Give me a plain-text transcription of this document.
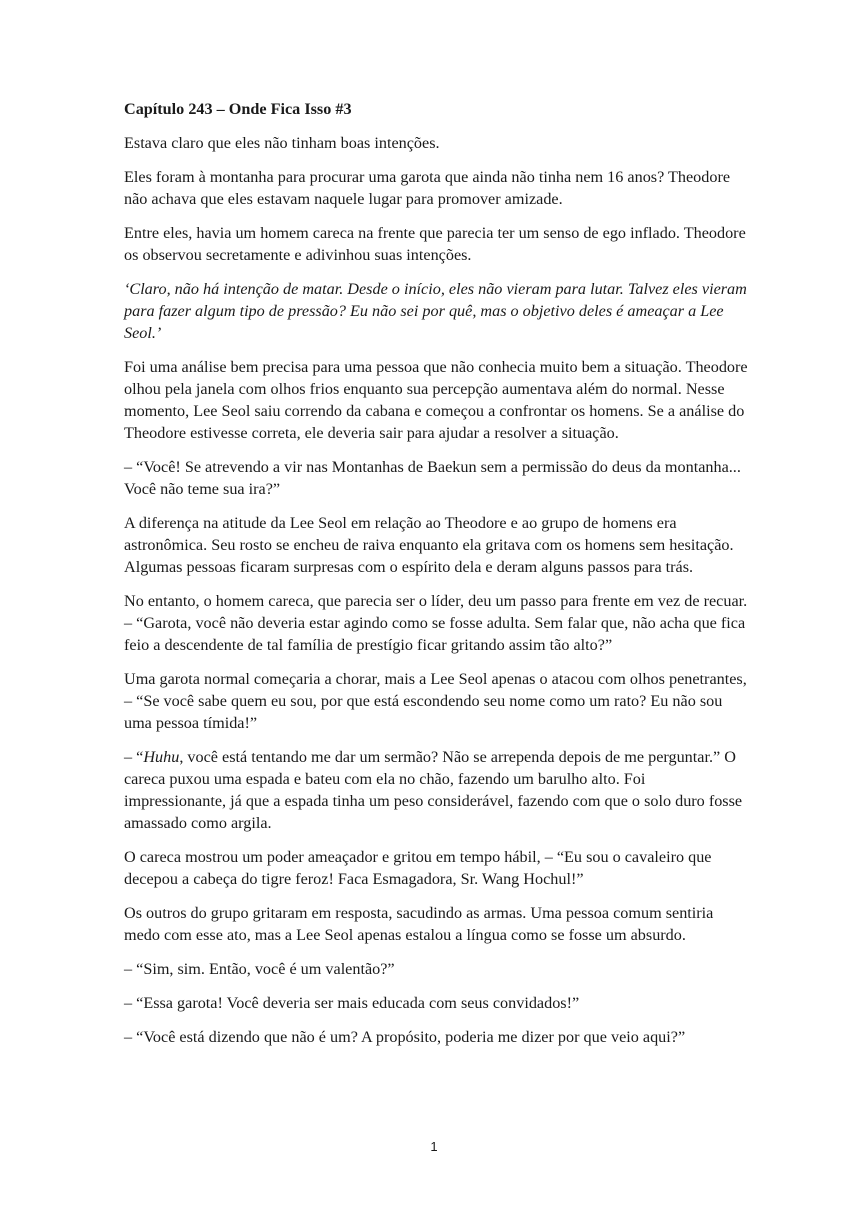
Capítulo 243 – Onde Fica Isso #3

Estava claro que eles não tinham boas intenções.

Eles foram à montanha para procurar uma garota que ainda não tinha nem 16 anos? Theodore não achava que eles estavam naquele lugar para promover amizade.

Entre eles, havia um homem careca na frente que parecia ter um senso de ego inflado. Theodore os observou secretamente e adivinhou suas intenções.

‘Claro, não há intenção de matar. Desde o início, eles não vieram para lutar. Talvez eles vieram para fazer algum tipo de pressão? Eu não sei por quê, mas o objetivo deles é ameaçar a Lee Seol.’

Foi uma análise bem precisa para uma pessoa que não conhecia muito bem a situação. Theodore olhou pela janela com olhos frios enquanto sua percepção aumentava além do normal. Nesse momento, Lee Seol saiu correndo da cabana e começou a confrontar os homens. Se a análise do Theodore estivesse correta, ele deveria sair para ajudar a resolver a situação.

– “Você! Se atrevendo a vir nas Montanhas de Baekun sem a permissão do deus da montanha... Você não teme sua ira?”

A diferença na atitude da Lee Seol em relação ao Theodore e ao grupo de homens era astronômica. Seu rosto se encheu de raiva enquanto ela gritava com os homens sem hesitação. Algumas pessoas ficaram surpresas com o espírito dela e deram alguns passos para trás.

No entanto, o homem careca, que parecia ser o líder, deu um passo para frente em vez de recuar. – “Garota, você não deveria estar agindo como se fosse adulta. Sem falar que, não acha que fica feio a descendente de tal família de prestígio ficar gritando assim tão alto?”

Uma garota normal começaria a chorar, mais a Lee Seol apenas o atacou com olhos penetrantes, – “Se você sabe quem eu sou, por que está escondendo seu nome como um rato? Eu não sou uma pessoa tímida!”

– “Huhu, você está tentando me dar um sermão? Não se arrependa depois de me perguntar.” O careca puxou uma espada e bateu com ela no chão, fazendo um barulho alto. Foi impressionante, já que a espada tinha um peso considerável, fazendo com que o solo duro fosse amassado como argila.

O careca mostrou um poder ameaçador e gritou em tempo hábil, – “Eu sou o cavaleiro que decepou a cabeça do tigre feroz! Faca Esmagadora, Sr. Wang Hochul!”

Os outros do grupo gritaram em resposta, sacudindo as armas. Uma pessoa comum sentiria medo com esse ato, mas a Lee Seol apenas estalou a língua como se fosse um absurdo.

– “Sim, sim. Então, você é um valentão?”

– “Essa garota! Você deveria ser mais educada com seus convidados!”

– “Você está dizendo que não é um? A propósito, poderia me dizer por que veio aqui?”

1
